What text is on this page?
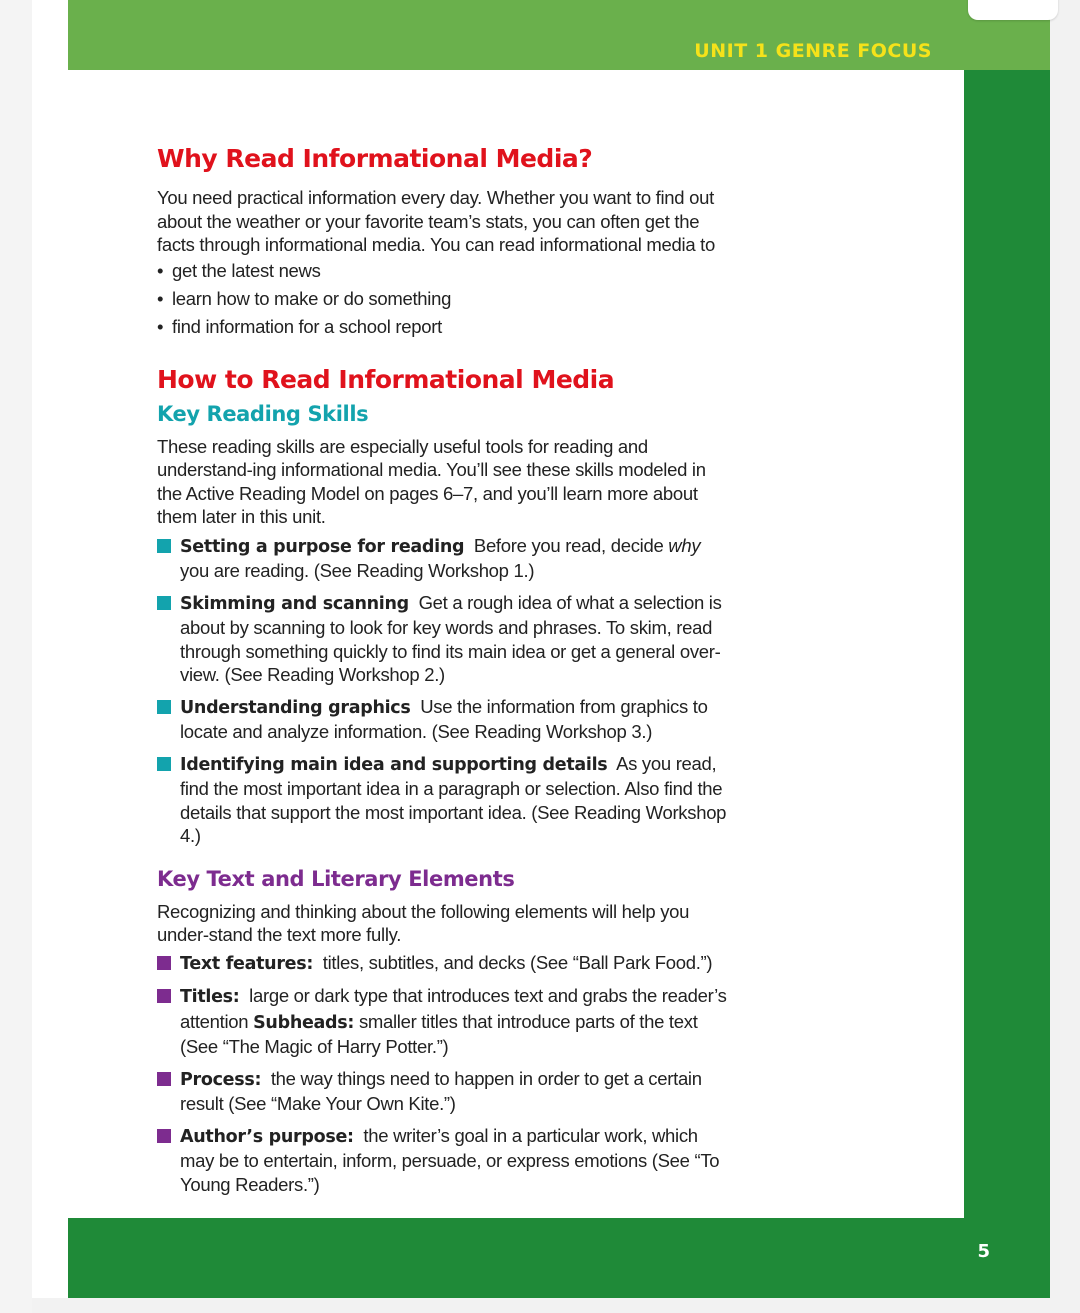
UNIT 1 GENRE FOCUS
5
Why Read Informational Media?

You need practical information every day. Whether you want to find out about the weather or your favorite team’s stats, you can often get the facts through informational media. You can read informational media to

• get the latest news
• learn how to make or do something
• find information for a school report
How to Read Informational Media
Key Reading Skills

These reading skills are especially useful tools for reading and understand-ing informational media. You’ll see these skills modeled in the Active Reading Model on pages 6–7, and you’ll learn more about them later in this unit.

Setting a purpose for reading Before you read, decide why you are reading. (See Reading Workshop 1.)
Skimming and scanning Get a rough idea of what a selection is about by scanning to look for key words and phrases. To skim, read through something quickly to find its main idea or get a general over-view. (See Reading Workshop 2.)
Understanding graphics Use the information from graphics to locate and analyze information. (See Reading Workshop 3.)
Identifying main idea and supporting details As you read, find the most important idea in a paragraph or selection. Also find the details that support the most important idea. (See Reading Workshop 4.)
Key Text and Literary Elements

Recognizing and thinking about the following elements will help you under-stand the text more fully.

Text features: titles, subtitles, and decks (See “Ball Park Food.”)
Titles: large or dark type that introduces text and grabs the reader’s attention Subheads: smaller titles that introduce parts of the text (See “The Magic of Harry Potter.”)
Process: the way things need to happen in order to get a certain result (See “Make Your Own Kite.”)
Author’s purpose: the writer’s goal in a particular work, which may be to entertain, inform, persuade, or express emotions (See “To Young Readers.”)
